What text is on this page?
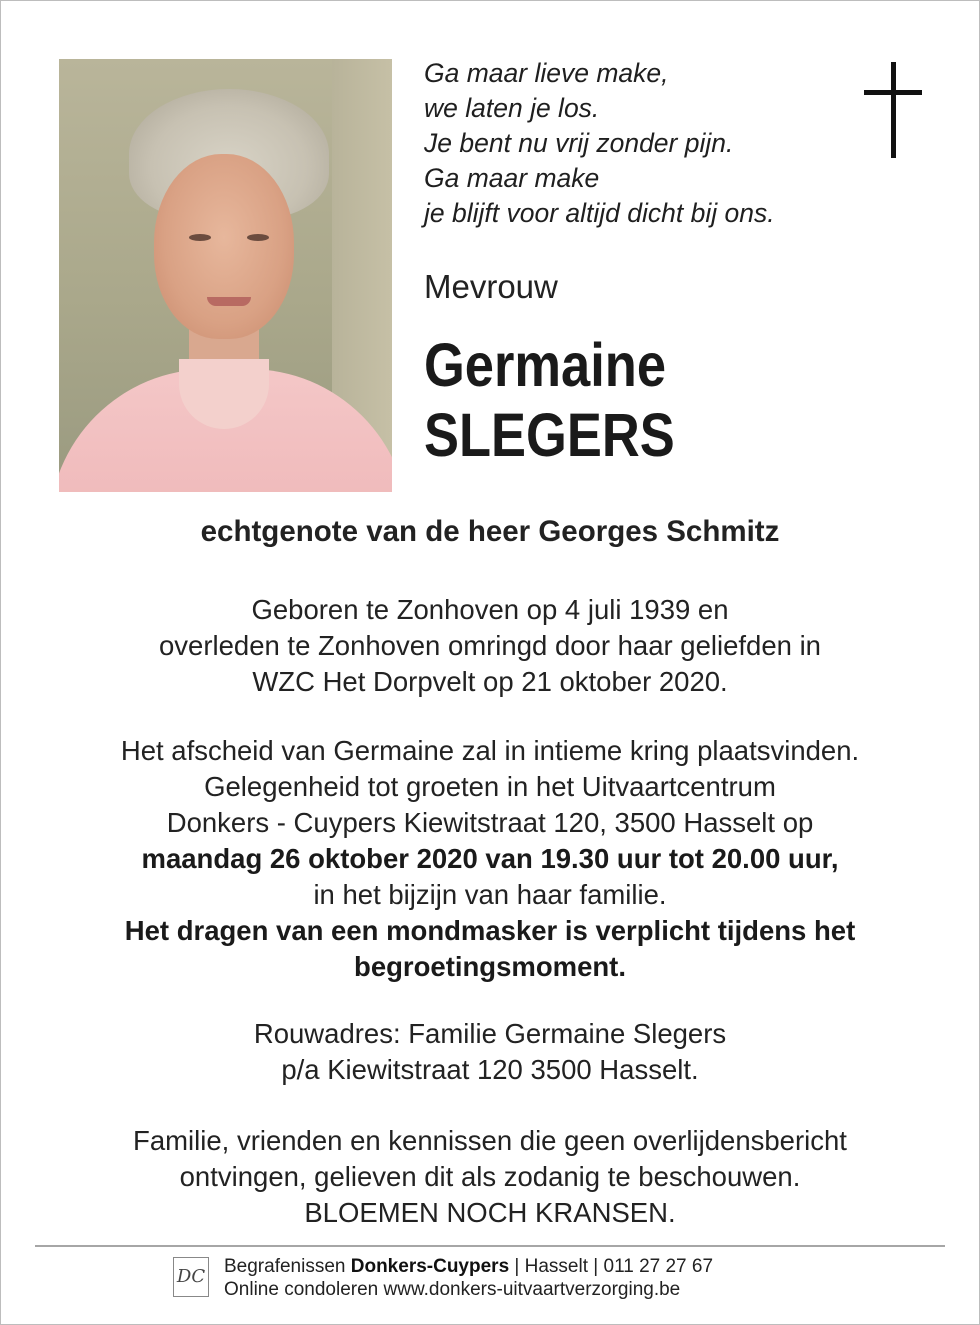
Ga maar lieve make,
we laten je los.
Je bent nu vrij zonder pijn.
Ga maar make
je blijft voor altijd dicht bij ons.
Mevrouw
Germaine
SLEGERS
echtgenote van de heer Georges Schmitz
Geboren te Zonhoven op 4 juli 1939 en
overleden te Zonhoven omringd door haar geliefden in
WZC Het Dorpvelt op 21 oktober 2020.
Het afscheid van Germaine zal in intieme kring plaatsvinden.
Gelegenheid tot groeten in het Uitvaartcentrum
Donkers - Cuypers Kiewitstraat 120, 3500 Hasselt op
maandag 26 oktober 2020 van 19.30 uur tot 20.00 uur,
in het bijzijn van haar familie.
Het dragen van een mondmasker is verplicht tijdens het
begroetingsmoment.
Rouwadres: Familie Germaine Slegers
p/a Kiewitstraat 120 3500 Hasselt.
Familie, vrienden en kennissen die geen overlijdensbericht
ontvingen, gelieven dit als zodanig te beschouwen.
BLOEMEN NOCH KRANSEN.
DC Begrafenissen Donkers-Cuypers | Hasselt | 011 27 27 67
Online condoleren www.donkers-uitvaartverzorging.be
